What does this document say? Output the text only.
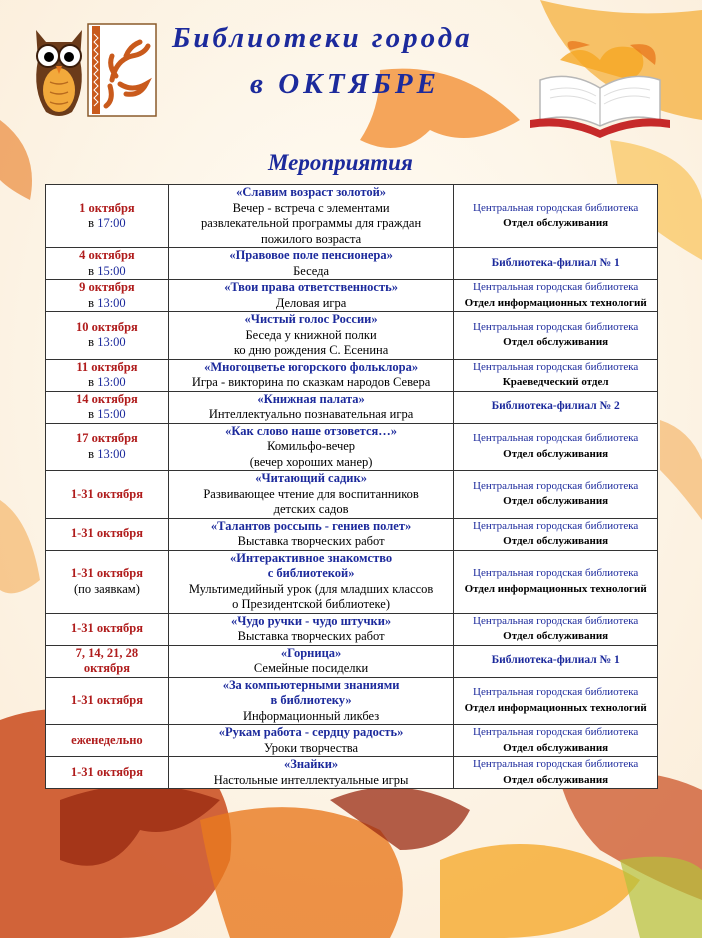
Библиотеки города
в ОКТЯБРЕ
Мероприятия
1 октября
в 17:00	«Славим возраст золотой»
Вечер - встреча с элементами
развлекательной программы для граждан
пожилого возраста	Центральная городская библиотека
Отдел обслуживания

4 октября
в 15:00	«Правовое поле пенсионера»
Беседа	Библиотека-филиал № 1

9 октября
в 13:00	«Твои права ответственность»
Деловая игра	Центральная городская библиотека
Отдел информационных технологий

10 октября
в 13:00	«Чистый голос России»
Беседа у книжной полки
ко дню рождения С. Есенина	Центральная городская библиотека
Отдел обслуживания

11 октября
в 13:00	«Многоцветье югорского фольклора»
Игра - викторина по сказкам народов Севера	Центральная городская библиотека
Краеведческий отдел

14 октября
в 15:00	«Книжная палата»
Интеллектуально познавательная игра	Библиотека-филиал № 2

17 октября
в 13:00	«Как слово наше отзовется…»
Комильфо-вечер
(вечер хороших манер)	Центральная городская библиотека
Отдел обслуживания

1-31 октября	«Читающий садик»
Развивающее чтение для воспитанников
детских садов	Центральная городская библиотека
Отдел обслуживания

1-31 октября	«Талантов россыпь - гениев полет»
Выставка творческих работ	Центральная городская библиотека
Отдел обслуживания

1-31 октября
(по заявкам)	«Интерактивное знакомство
с библиотекой»
Мультимедийный урок (для младших классов
о Президентской библиотеке)	Центральная городская библиотека
Отдел информационных технологий

1-31 октября	«Чудо ручки - чудо штучки»
Выставка творческих работ	Центральная городская библиотека
Отдел обслуживания

7, 14, 21, 28
октября	«Горница»
Семейные посиделки	Библиотека-филиал № 1

1-31 октября	«За компьютерными знаниями
в библиотеку»
Информационный ликбез	Центральная городская библиотека
Отдел информационных технологий

еженедельно	«Рукам работа - сердцу радость»
Уроки творчества	Центральная городская библиотека
Отдел обслуживания

1-31 октября	«Знайки»
Настольные интеллектуальные игры	Центральная городская библиотека
Отдел обслуживания
